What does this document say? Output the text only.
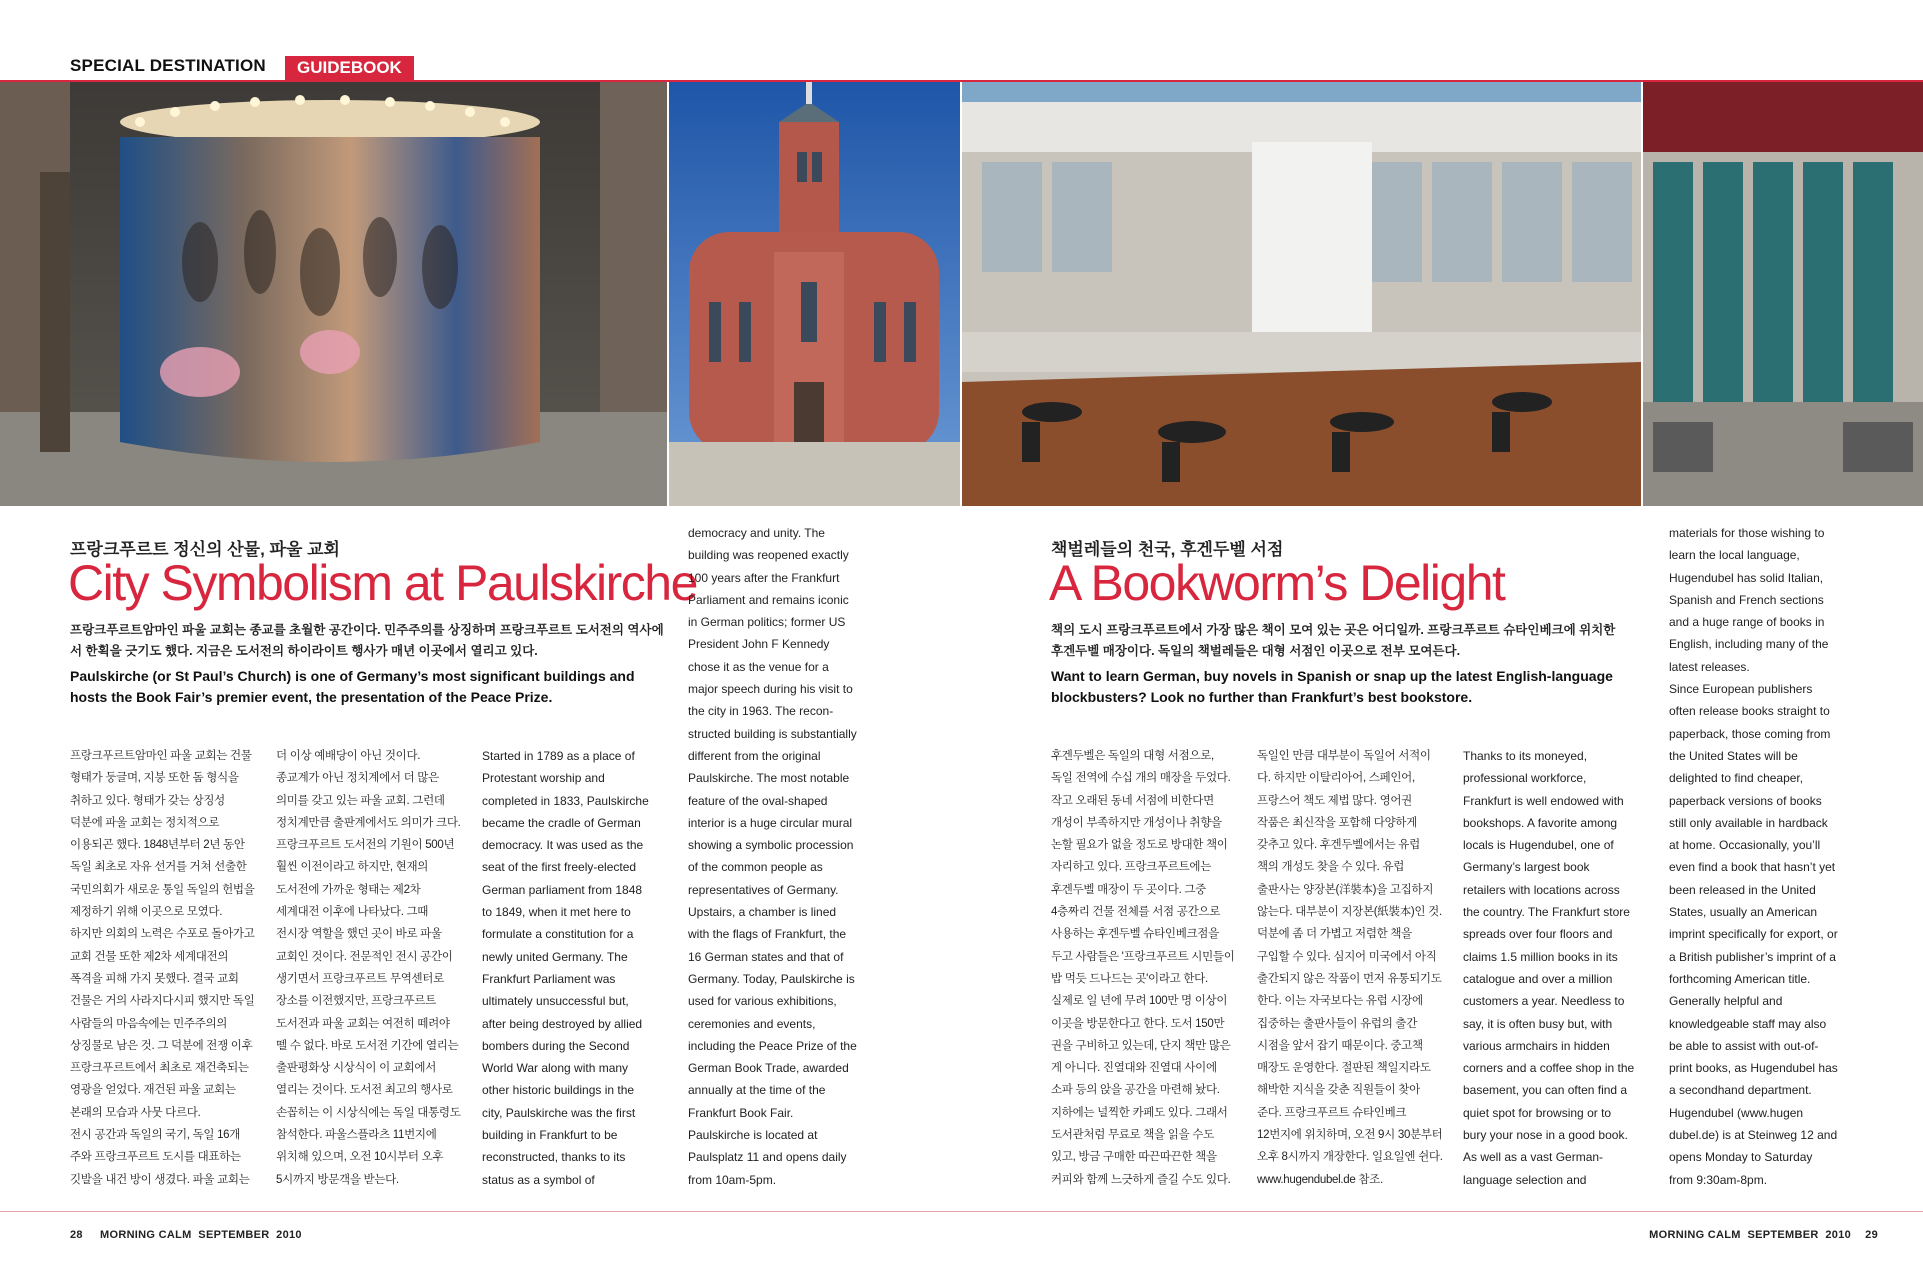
SPECIAL DESTINATION	GUIDEBOOK
프랑크푸르트 정신의 산물, 파울 교회
City Symbolism at Paulskirche
프랑크푸르트암마인 파울 교회는 종교를 초월한 공간이다. 민주주의를 상징하며 프랑크푸르트 도서전의 역사에서 한획을 긋기도 했다. 지금은 도서전의 하이라이트 행사가 매년 이곳에서 열리고 있다.
Paulskirche (or St Paul’s Church) is one of Germany’s most significant buildings and hosts the Book Fair’s premier event, the presentation of the Peace Prize.
프랑크푸르트암마인 파울 교회는 건물
형태가 둥글며, 지붕 또한 돔 형식을
취하고 있다. 형태가 갖는 상징성
덕분에 파울 교회는 정치적으로
이용되곤 했다. 1848년부터 2년 동안
독일 최초로 자유 선거를 거쳐 선출한
국민의회가 새로운 통일 독일의 헌법을
제정하기 위해 이곳으로 모였다.
하지만 의회의 노력은 수포로 돌아가고
교회 건물 또한 제2차 세계대전의
폭격을 피해 가지 못했다. 결국 교회
건물은 거의 사라지다시피 했지만 독일
사람들의 마음속에는 민주주의의
상징물로 남은 것. 그 덕분에 전쟁 이후
프랑크푸르트에서 최초로 재건축되는
영광을 얻었다. 재건된 파울 교회는
본래의 모습과 사뭇 다르다.
전시 공간과 독일의 국기, 독일 16개
주와 프랑크푸르트 도시를 대표하는
깃발을 내건 방이 생겼다. 파울 교회는
더 이상 예배당이 아닌 것이다.
종교계가 아닌 정치계에서 더 많은
의미를 갖고 있는 파울 교회. 그런데
정치계만큼 출판계에서도 의미가 크다.
프랑크푸르트 도서전의 기원이 500년
훨씬 이전이라고 하지만, 현재의
도서전에 가까운 형태는 제2차
세계대전 이후에 나타났다. 그때
전시장 역할을 했던 곳이 바로 파울
교회인 것이다. 전문적인 전시 공간이
생기면서 프랑크푸르트 무역센터로
장소를 이전했지만, 프랑크푸르트
도서전과 파울 교회는 여전히 떼려야
뗄 수 없다. 바로 도서전 기간에 열리는
출판평화상 시상식이 이 교회에서
열리는 것이다. 도서전 최고의 행사로
손꼽히는 이 시상식에는 독일 대통령도
참석한다. 파울스플라츠 11번지에
위치해 있으며, 오전 10시부터 오후
5시까지 방문객을 받는다.
Started in 1789 as a place of
Protestant worship and
completed in 1833, Paulskirche
became the cradle of German
democracy. It was used as the
seat of the first freely-elected
German parliament from 1848
to 1849, when it met here to
formulate a constitution for a
newly united Germany. The
Frankfurt Parliament was
ultimately unsuccessful but,
after being destroyed by allied
bombers during the Second
World War along with many
other historic buildings in the
city, Paulskirche was the first
building in Frankfurt to be
reconstructed, thanks to its
status as a symbol of
democracy and unity. The
building was reopened exactly
100 years after the Frankfurt
Parliament and remains iconic
in German politics; former US
President John F Kennedy
chose it as the venue for a
major speech during his visit to
the city in 1963. The recon-
structed building is substantially
different from the original
Paulskirche. The most notable
feature of the oval-shaped
interior is a huge circular mural
showing a symbolic procession
of the common people as
representatives of Germany.
Upstairs, a chamber is lined
with the flags of Frankfurt, the
16 German states and that of
Germany. Today, Paulskirche is
used for various exhibitions,
ceremonies and events,
including the Peace Prize of the
German Book Trade, awarded
annually at the time of the
Frankfurt Book Fair.
Paulskirche is located at
Paulsplatz 11 and opens daily
from 10am-5pm.
책벌레들의 천국, 후겐두벨 서점
A Bookworm’s Delight
책의 도시 프랑크푸르트에서 가장 많은 책이 모여 있는 곳은 어디일까. 프랑크푸르트 슈타인베크에 위치한 후겐두벨 매장이다. 독일의 책벌레들은 대형 서점인 이곳으로 전부 모여든다.
Want to learn German, buy novels in Spanish or snap up the latest English-language blockbusters? Look no further than Frankfurt’s best bookstore.
후겐두벨은 독일의 대형 서점으로,
독일 전역에 수십 개의 매장을 두었다.
작고 오래된 동네 서점에 비한다면
개성이 부족하지만 개성이나 취향을
논할 필요가 없을 정도로 방대한 책이
자리하고 있다. 프랑크푸르트에는
후겐두벨 매장이 두 곳이다. 그중
4층짜리 건물 전체를 서점 공간으로
사용하는 후겐두벨 슈타인베크점을
두고 사람들은 '프랑크푸르트 시민들이
밥 먹듯 드나드는 곳'이라고 한다.
실제로 일 년에 무려 100만 명 이상이
이곳을 방문한다고 한다. 도서 150만
권을 구비하고 있는데, 단지 책만 많은
게 아니다. 진열대와 진열대 사이에
소파 등의 앉을 공간을 마련해 놨다.
지하에는 널찍한 카페도 있다. 그래서
도서관처럼 무료로 책을 읽을 수도
있고, 방금 구매한 따끈따끈한 책을
커피와 함께 느긋하게 즐길 수도 있다.
독일인 만큼 대부분이 독일어 서적이
다. 하지만 이탈리아어, 스페인어,
프랑스어 책도 제법 많다. 영어권
작품은 최신작을 포함해 다양하게
갖추고 있다. 후겐두벨에서는 유럽
책의 개성도 찾을 수 있다. 유럽
출판사는 양장본(洋裝本)을 고집하지
않는다. 대부분이 지장본(紙裝本)인 것.
덕분에 좀 더 가볍고 저렴한 책을
구입할 수 있다. 심지어 미국에서 아직
출간되지 않은 작품이 먼저 유통되기도
한다. 이는 자국보다는 유럽 시장에
집중하는 출판사들이 유럽의 출간
시점을 앞서 잡기 때문이다. 중고책
매장도 운영한다. 절판된 책일지라도
해박한 지식을 갖춘 직원들이 찾아
준다. 프랑크푸르트 슈타인베크
12번지에 위치하며, 오전 9시 30분부터
오후 8시까지 개장한다. 일요일엔 쉰다.
www.hugendubel.de 참조.
Thanks to its moneyed,
professional workforce,
Frankfurt is well endowed with
bookshops. A favorite among
locals is Hugendubel, one of
Germany’s largest book
retailers with locations across
the country. The Frankfurt store
spreads over four floors and
claims 1.5 million books in its
catalogue and over a million
customers a year. Needless to
say, it is often busy but, with
various armchairs in hidden
corners and a coffee shop in the
basement, you can often find a
quiet spot for browsing or to
bury your nose in a good book.
As well as a vast German-
language selection and
materials for those wishing to
learn the local language,
Hugendubel has solid Italian,
Spanish and French sections
and a huge range of books in
English, including many of the
latest releases.
Since European publishers
often release books straight to
paperback, those coming from
the United States will be
delighted to find cheaper,
paperback versions of books
still only available in hardback
at home. Occasionally, you’ll
even find a book that hasn’t yet
been released in the United
States, usually an American
imprint specifically for export, or
a British publisher’s imprint of a
forthcoming American title.
Generally helpful and
knowledgeable staff may also
be able to assist with out-of-
print books, as Hugendubel has
a secondhand department.
Hugendubel (www.hugen
dubel.de) is at Steinweg 12 and
opens Monday to Saturday
from 9:30am-8pm.
28 MORNING CALM  SEPTEMBER  2010	MORNING CALM  SEPTEMBER  2010 29
